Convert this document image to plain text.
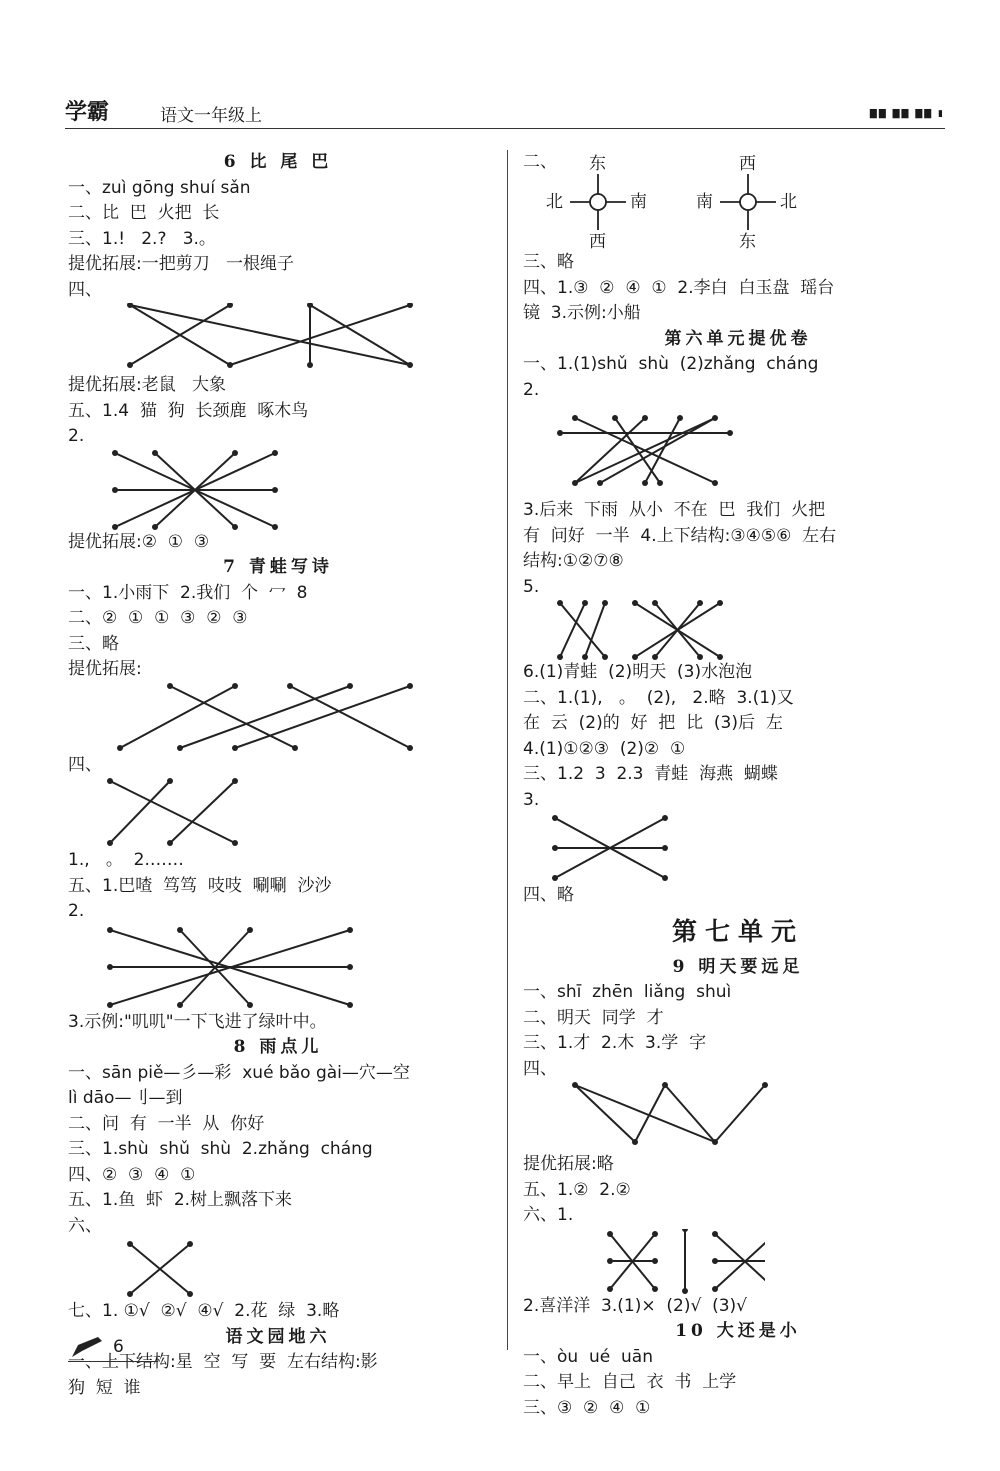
学霸	语文一年级上	▇▇ ▇▇ ▇▇ ▮
6 比 尾 巴
一、zuì gōng shuí sǎn
二、比  巴  火把  长
三、1.!   2.?   3.。
提优拓展:一把剪刀   一根绳子
四、
提优拓展:老鼠   大象
五、1.4  猫  狗  长颈鹿  啄木鸟
2.
提优拓展:②  ①  ③
7 青蛙写诗
一、1.小雨下  2.我们  个  冖  8
二、②  ①  ①  ③  ②  ③
三、略
提优拓展:
四、
1.,   。  2.……
五、1.巴喳  笃笃  吱吱  唰唰  沙沙
2.
3.示例:"叽叽"一下飞进了绿叶中。
8 雨点儿
一、sān piě—彡—彩  xué bǎo gài—穴—空
lì dāo—刂—到
二、问  有  一半  从  你好
三、1.shù  shǔ  shù  2.zhǎng  cháng
四、②  ③  ④  ①
五、1.鱼  虾  2.树上飘落下来
六、
七、1. ①√  ②√  ④√  2.花  绿  3.略
语文园地六
一、上下结构:星  空  写  要  左右结构:影
狗  短  谁
二、 东
西
北	南
西
东
南	北
三、略
四、1.③  ②  ④  ①  2.李白  白玉盘  瑶台
镜  3.示例:小船
第六单元提优卷
一、1.(1)shǔ  shù  (2)zhǎng  cháng
2.
3.后来  下雨  从小  不在  巴  我们  火把
有  问好  一半  4.上下结构:③④⑤⑥  左右
结构:①②⑦⑧
5.
6.(1)青蛙  (2)明天  (3)水泡泡
二、1.(1),   。  (2),   2.略  3.(1)又
在  云  (2)的  好  把  比  (3)后  左
4.(1)①②③  (2)②  ①
三、1.2  3  2.3  青蛙  海燕  蝴蝶
3.
四、略
第七单元
9 明天要远足
一、shī  zhēn  liǎng  shuì
二、明天  同学  才
三、1.才  2.木  3.学  字
四、
提优拓展:略
五、1.②  2.②
六、1.
2.喜洋洋  3.(1)×  (2)√  (3)√
10 大还是小
一、òu  ué  uān
二、早上  自己  衣  书  上学
三、③  ②  ④  ①
6
